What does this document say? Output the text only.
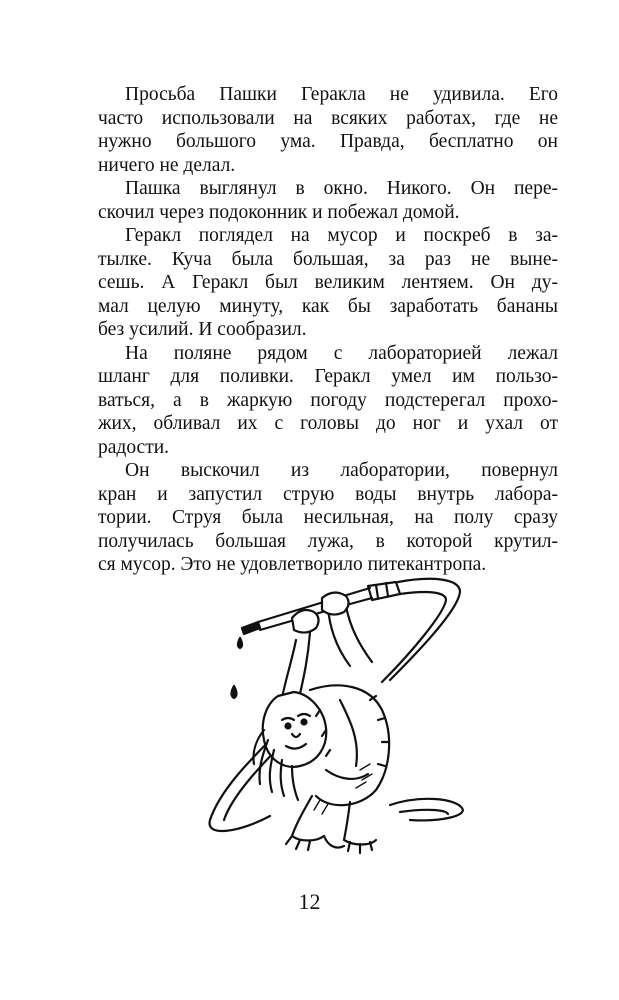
Просьба Пашки Геракла не удивила. Его
часто использовали на всяких работах, где не
нужно большого ума. Правда, бесплатно он
ничего не делал.
Пашка выглянул в окно. Никого. Он пере-
скочил через подоконник и побежал домой.
Геракл поглядел на мусор и поскреб в за-
тылке. Куча была большая, за раз не выне-
сешь. А Геракл был великим лентяем. Он ду-
мал целую минуту, как бы заработать бананы
без усилий. И сообразил.
На поляне рядом с лабораторией лежал
шланг для поливки. Геракл умел им пользо-
ваться, а в жаркую погоду подстерегал прохо-
жих, обливал их с головы до ног и ухал от
радости.
Он выскочил из лаборатории, повернул
кран и запустил струю воды внутрь лабора-
тории. Струя была несильная, на полу сразу
получилась большая лужа, в которой крутил-
ся мусор. Это не удовлетворило питекантропа.
12
